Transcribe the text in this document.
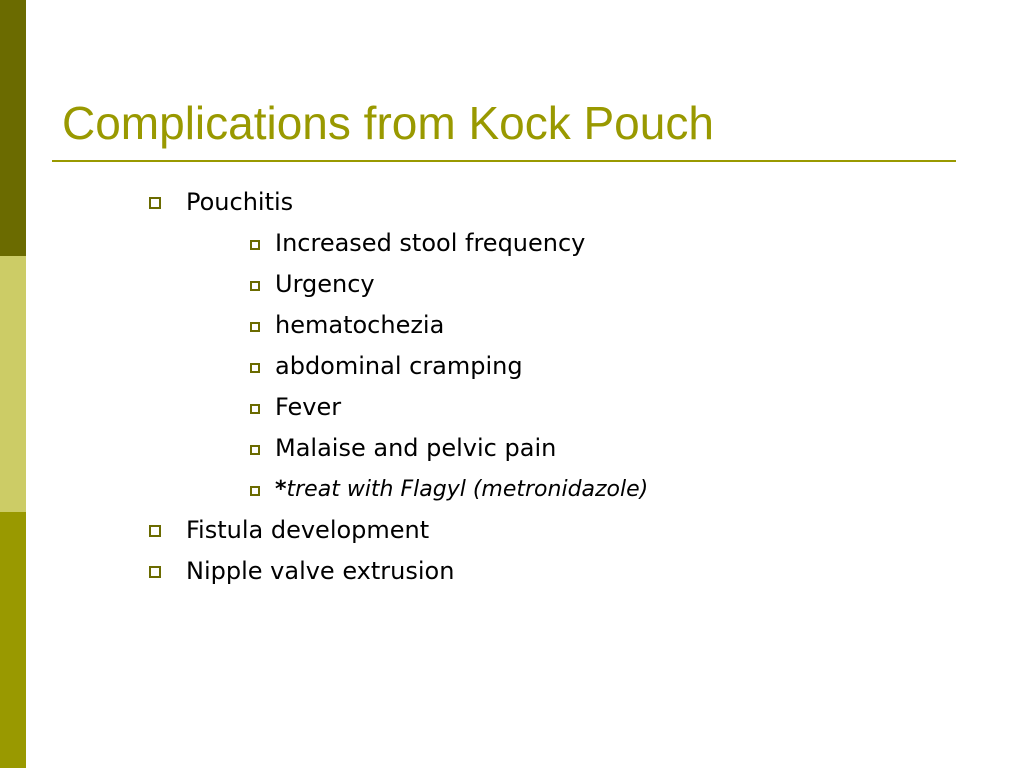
Complications from Kock Pouch
Pouchitis
Increased stool frequency
Urgency
hematochezia
abdominal cramping
Fever
Malaise and pelvic pain
*treat with Flagyl (metronidazole)
Fistula development
Nipple valve extrusion
